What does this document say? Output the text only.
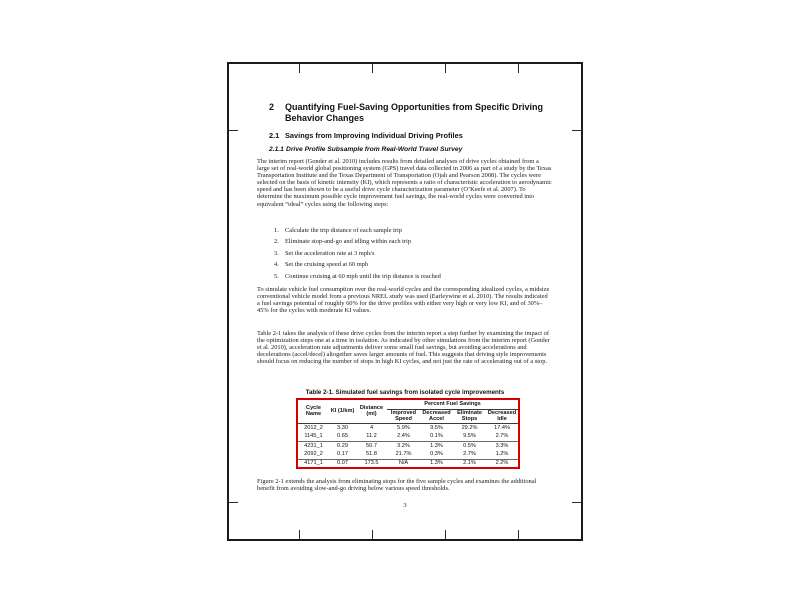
2	Quantifying Fuel-Saving Opportunities from Specific Driving Behavior Changes
2.1 Savings from Improving Individual Driving Profiles
2.1.1 Drive Profile Subsample from Real-World Travel Survey
The interim report (Gonder et al. 2010) includes results from detailed analyses of drive cycles obtained from a large set of real-world global positioning system (GPS) travel data collected in 2006 as part of a study by the Texas Transportation Institute and the Texas Department of Transportation (Ojah and Pearson 2008). The cycles were selected on the basis of kinetic intensity (KI), which represents a ratio of characteristic acceleration to aerodynamic speed and has been shown to be a useful drive cycle characterization parameter (O’Keefe et al. 2007). To determine the maximum possible cycle improvement fuel savings, the real-world cycles were converted into equivalent “ideal” cycles using the following steps:
1. Calculate the trip distance of each sample trip
2. Eliminate stop-and-go and idling within each trip
3. Set the acceleration rate at 3 mph/s
4. Set the cruising speed at 60 mph
5. Continue cruising at 60 mph until the trip distance is reached
To simulate vehicle fuel consumption over the real-world cycles and the corresponding idealized cycles, a midsize conventional vehicle model from a previous NREL study was used (Earleywine et al. 2010). The results indicated a fuel savings potential of roughly 60% for the drive profiles with either very high or very low KI, and of 30%–45% for the cycles with moderate KI values.
Table 2-1 takes the analysis of these drive cycles from the interim report a step further by examining the impact of the optimization steps one at a time in isolation. As indicated by other simulations from the interim report (Gonder et al. 2010), acceleration rate adjustments deliver some small fuel savings, but avoiding accelerations and decelerations (accel/decel) altogether saves larger amounts of fuel. This suggests that driving style improvements should focus on reducing the number of stops in high KI cycles, and not just the rate of accelerating out of a stop.
Table 2-1. Simulated fuel savings from isolated cycle improvements
Cycle Name	KI (1/km)	Distance (mi)	Percent Fuel Savings			
			Improved Speed	Decreased Accel	Eliminate Stops	Decreased Idle
2012_2	3.30	4	5.9%	9.5%	29.2%	17.4%
1145_1	0.65	11.2	2.4%	0.1%	9.5%	2.7%
4231_1	0.29	50.7	3.2%	1.3%	0.5%	3.3%
2092_2	0.17	51.8	21.7%	0.3%	2.7%	1.2%
4171_1	0.07	173.5	N/A	1.3%	2.1%	2.2%
Figure 2-1 extends the analysis from eliminating stops for the five sample cycles and examines the additional benefit from avoiding slow-and-go driving below various speed thresholds.
3
